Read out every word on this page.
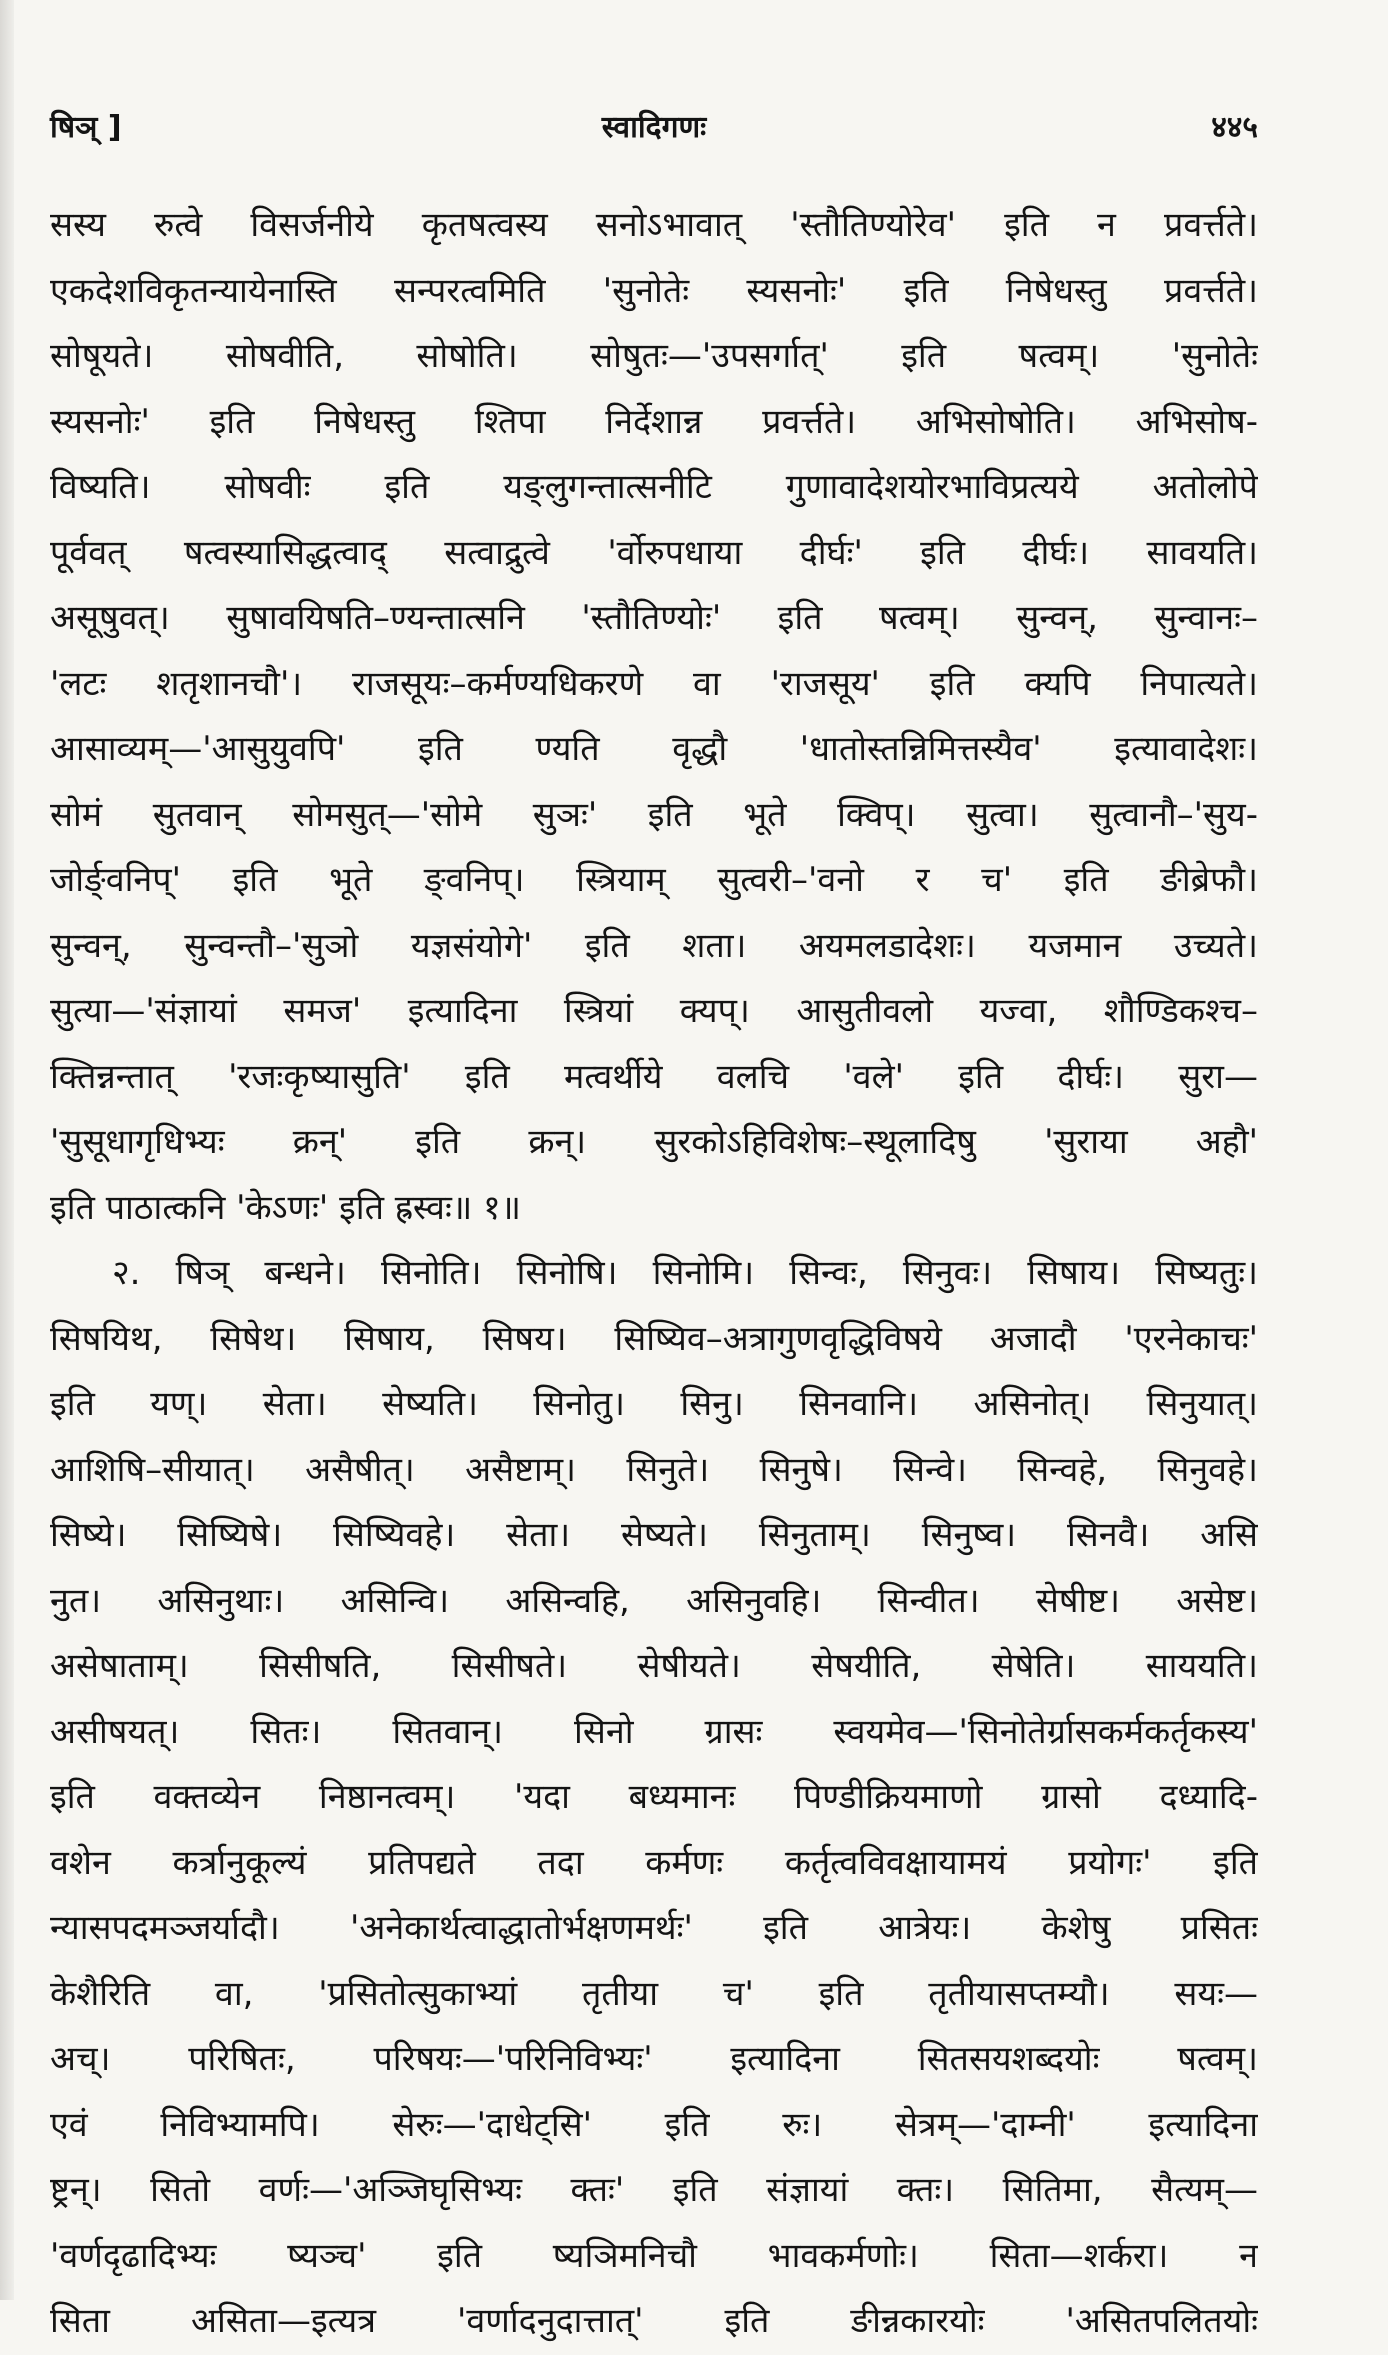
षिञ् ]	स्वादिगणः	४४५
सस्य रुत्वे विसर्जनीये कृतषत्वस्य सनोऽभावात् 'स्तौतिण्योरेव' इति न प्रवर्त्तते।
एकदेशविकृतन्यायेनास्ति सन्परत्वमिति 'सुनोतेः स्यसनोः' इति निषेधस्तु प्रवर्त्तते।
सोषूयते। सोषवीति, सोषोति। सोषुतः—'उपसर्गात्' इति षत्वम्। 'सुनोतेः
स्यसनोः' इति निषेधस्तु श्तिपा निर्देशान्न प्रवर्त्तते। अभिसोषोति। अभिसोष-
विष्यति। सोषवीः इति यङ्लुगन्तात्सनीटि गुणावादेशयोरभाविप्रत्यये अतोलोपे
पूर्ववत् षत्वस्यासिद्धत्वाद् सत्वाद्रुत्वे 'र्वोरुपधाया दीर्घः' इति दीर्घः। सावयति।
असूषुवत्। सुषावयिषति–ण्यन्तात्सनि 'स्तौतिण्योः' इति षत्वम्। सुन्वन्, सुन्वानः–
'लटः शतृशानचौ'। राजसूयः–कर्मण्यधिकरणे वा 'राजसूय' इति क्यपि निपात्यते।
आसाव्यम्—'आसुयुवपि' इति ण्यति वृद्धौ 'धातोस्तन्निमित्तस्यैव' इत्यावादेशः।
सोमं सुतवान् सोमसुत्—'सोमे सुञः' इति भूते क्विप्। सुत्वा। सुत्वानौ–'सुय-
जोर्ङ्वनिप्' इति भूते ङ्वनिप्। स्त्रियाम् सुत्वरी–'वनो र च' इति ङीब्रेफौ।
सुन्वन्, सुन्वन्तौ–'सुञो यज्ञसंयोगे' इति शता। अयमलडादेशः। यजमान उच्यते।
सुत्या—'संज्ञायां समज' इत्यादिना स्त्रियां क्यप्। आसुतीवलो यज्वा, शौण्डिकश्च–
क्तिन्नन्तात् 'रजःकृष्यासुति' इति मत्वर्थीये वलचि 'वले' इति दीर्घः। सुरा—
'सुसूधागृधिभ्यः क्रन्' इति क्रन्। सुरकोऽहिविशेषः–स्थूलादिषु 'सुराया अहौ'
इति पाठात्कनि 'केऽणः' इति ह्रस्वः॥ १॥
२. षिञ् बन्धने। सिनोति। सिनोषि। सिनोमि। सिन्वः, सिनुवः। सिषाय। सिष्यतुः।
सिषयिथ, सिषेथ। सिषाय, सिषय। सिष्यिव–अत्रागुणवृद्धिविषये अजादौ 'एरनेकाचः'
इति यण्। सेता। सेष्यति। सिनोतु। सिनु। सिनवानि। असिनोत्। सिनुयात्।
आशिषि–सीयात्। असैषीत्। असैष्टाम्। सिनुते। सिनुषे। सिन्वे। सिन्वहे, सिनुवहे।
सिष्ये। सिष्यिषे। सिष्यिवहे। सेता। सेष्यते। सिनुताम्। सिनुष्व। सिनवै। असि
नुत। असिनुथाः। असिन्वि। असिन्वहि, असिनुवहि। सिन्वीत। सेषीष्ट। असेष्ट।
असेषाताम्। सिसीषति, सिसीषते। सेषीयते। सेषयीति, सेषेति। साययति।
असीषयत्। सितः। सितवान्। सिनो ग्रासः स्वयमेव—'सिनोतेर्ग्रासकर्मकर्तृकस्य'
इति वक्तव्येन निष्ठानत्वम्। 'यदा बध्यमानः पिण्डीक्रियमाणो ग्रासो दध्यादि-
वशेन कर्त्रानुकूल्यं प्रतिपद्यते तदा कर्मणः कर्तृत्वविवक्षायामयं प्रयोगः' इति
न्यासपदमञ्जर्यादौ। 'अनेकार्थत्वाद्धातोर्भक्षणमर्थः' इति आत्रेयः। केशेषु प्रसितः
केशैरिति वा, 'प्रसितोत्सुकाभ्यां तृतीया च' इति तृतीयासप्तम्यौ। सयः—
अच्। परिषितः, परिषयः—'परिनिविभ्यः' इत्यादिना सितसयशब्दयोः षत्वम्।
एवं निविभ्यामपि। सेरुः—'दाधेट्सि' इति रुः। सेत्रम्—'दाम्नी' इत्यादिना
ष्ट्रन्। सितो वर्णः—'अञ्जिघृसिभ्यः क्तः' इति संज्ञायां क्तः। सितिमा, सैत्यम्—
'वर्णदृढादिभ्यः ष्यञ्च' इति ष्यञिमनिचौ भावकर्मणोः। सिता—शर्करा। न
सिता असिता—इत्यत्र 'वर्णादनुदात्तात्' इति ङीन्नकारयोः 'असितपलितयोः
